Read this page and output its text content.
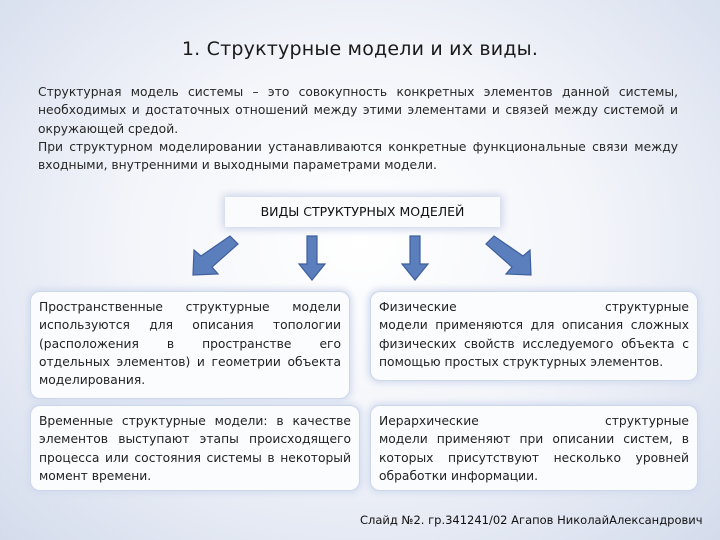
1. Структурные модели и их виды.

Структурная модель системы – это совокупность конкретных элементов данной системы, необходимых и достаточных отношений между этими элементами и связей между системой и окружающей средой.

При структурном моделировании устанавливаются конкретные функциональные связи между входными, внутренними и выходными параметрами модели.

ВИДЫ СТРУКТУРНЫХ МОДЕЛЕЙ
Пространственные структурные модели используются для описания топологии (расположения в пространстве его отдельных элементов) и геометрии объекта моделирования.
Физические	структурные
модели применяются для описания сложных физических свойств исследуемого объекта с помощью простых структурных элементов.
Временные структурные модели: в качестве элементов выступают этапы происходящего процесса или состояния системы в некоторый момент времени.
Иерархические	структурные
модели применяют при описании систем, в которых присутствуют несколько уровней обработки информации.
Слайд №2. гр.341241/02 Агапов НиколайАлександрович
